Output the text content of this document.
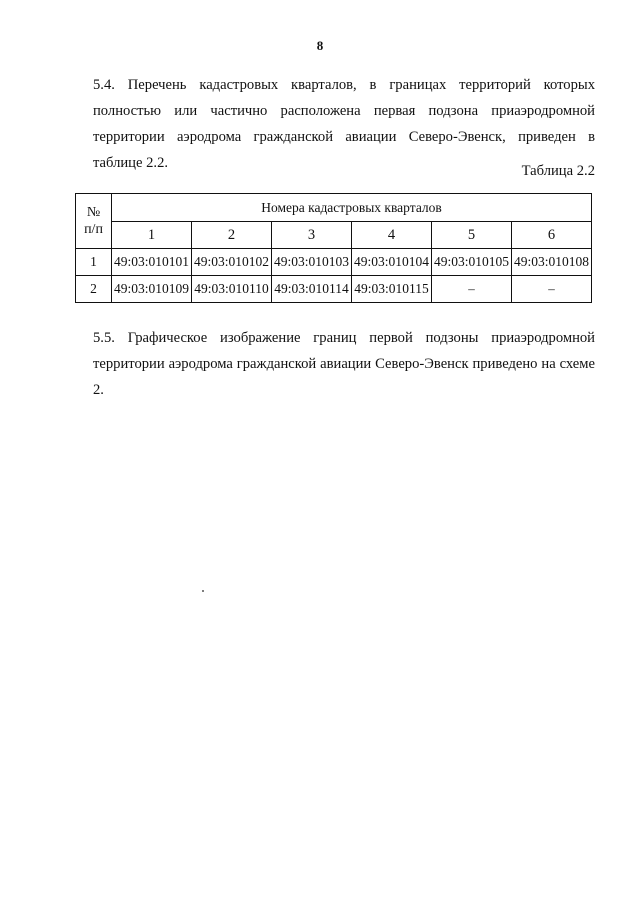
8

5.4. Перечень кадастровых кварталов, в границах территорий которых полностью или частично расположена первая подзона приаэродромной территории аэродрома гражданской авиации Северо-Эвенск, приведен в таблице 2.2.	Таблица 2.2
№
п/п	Номера кадастровых кварталов					
	1	2	3	4	5	6
1	49:03:010101	49:03:010102	49:03:010103	49:03:010104	49:03:010105	49:03:010108
2	49:03:010109	49:03:010110	49:03:010114	49:03:010115	–	–

5.5. Графическое изображение границ первой подзоны приаэродромной территории аэродрома гражданской авиации Северо-Эвенск приведено на схеме 2.
